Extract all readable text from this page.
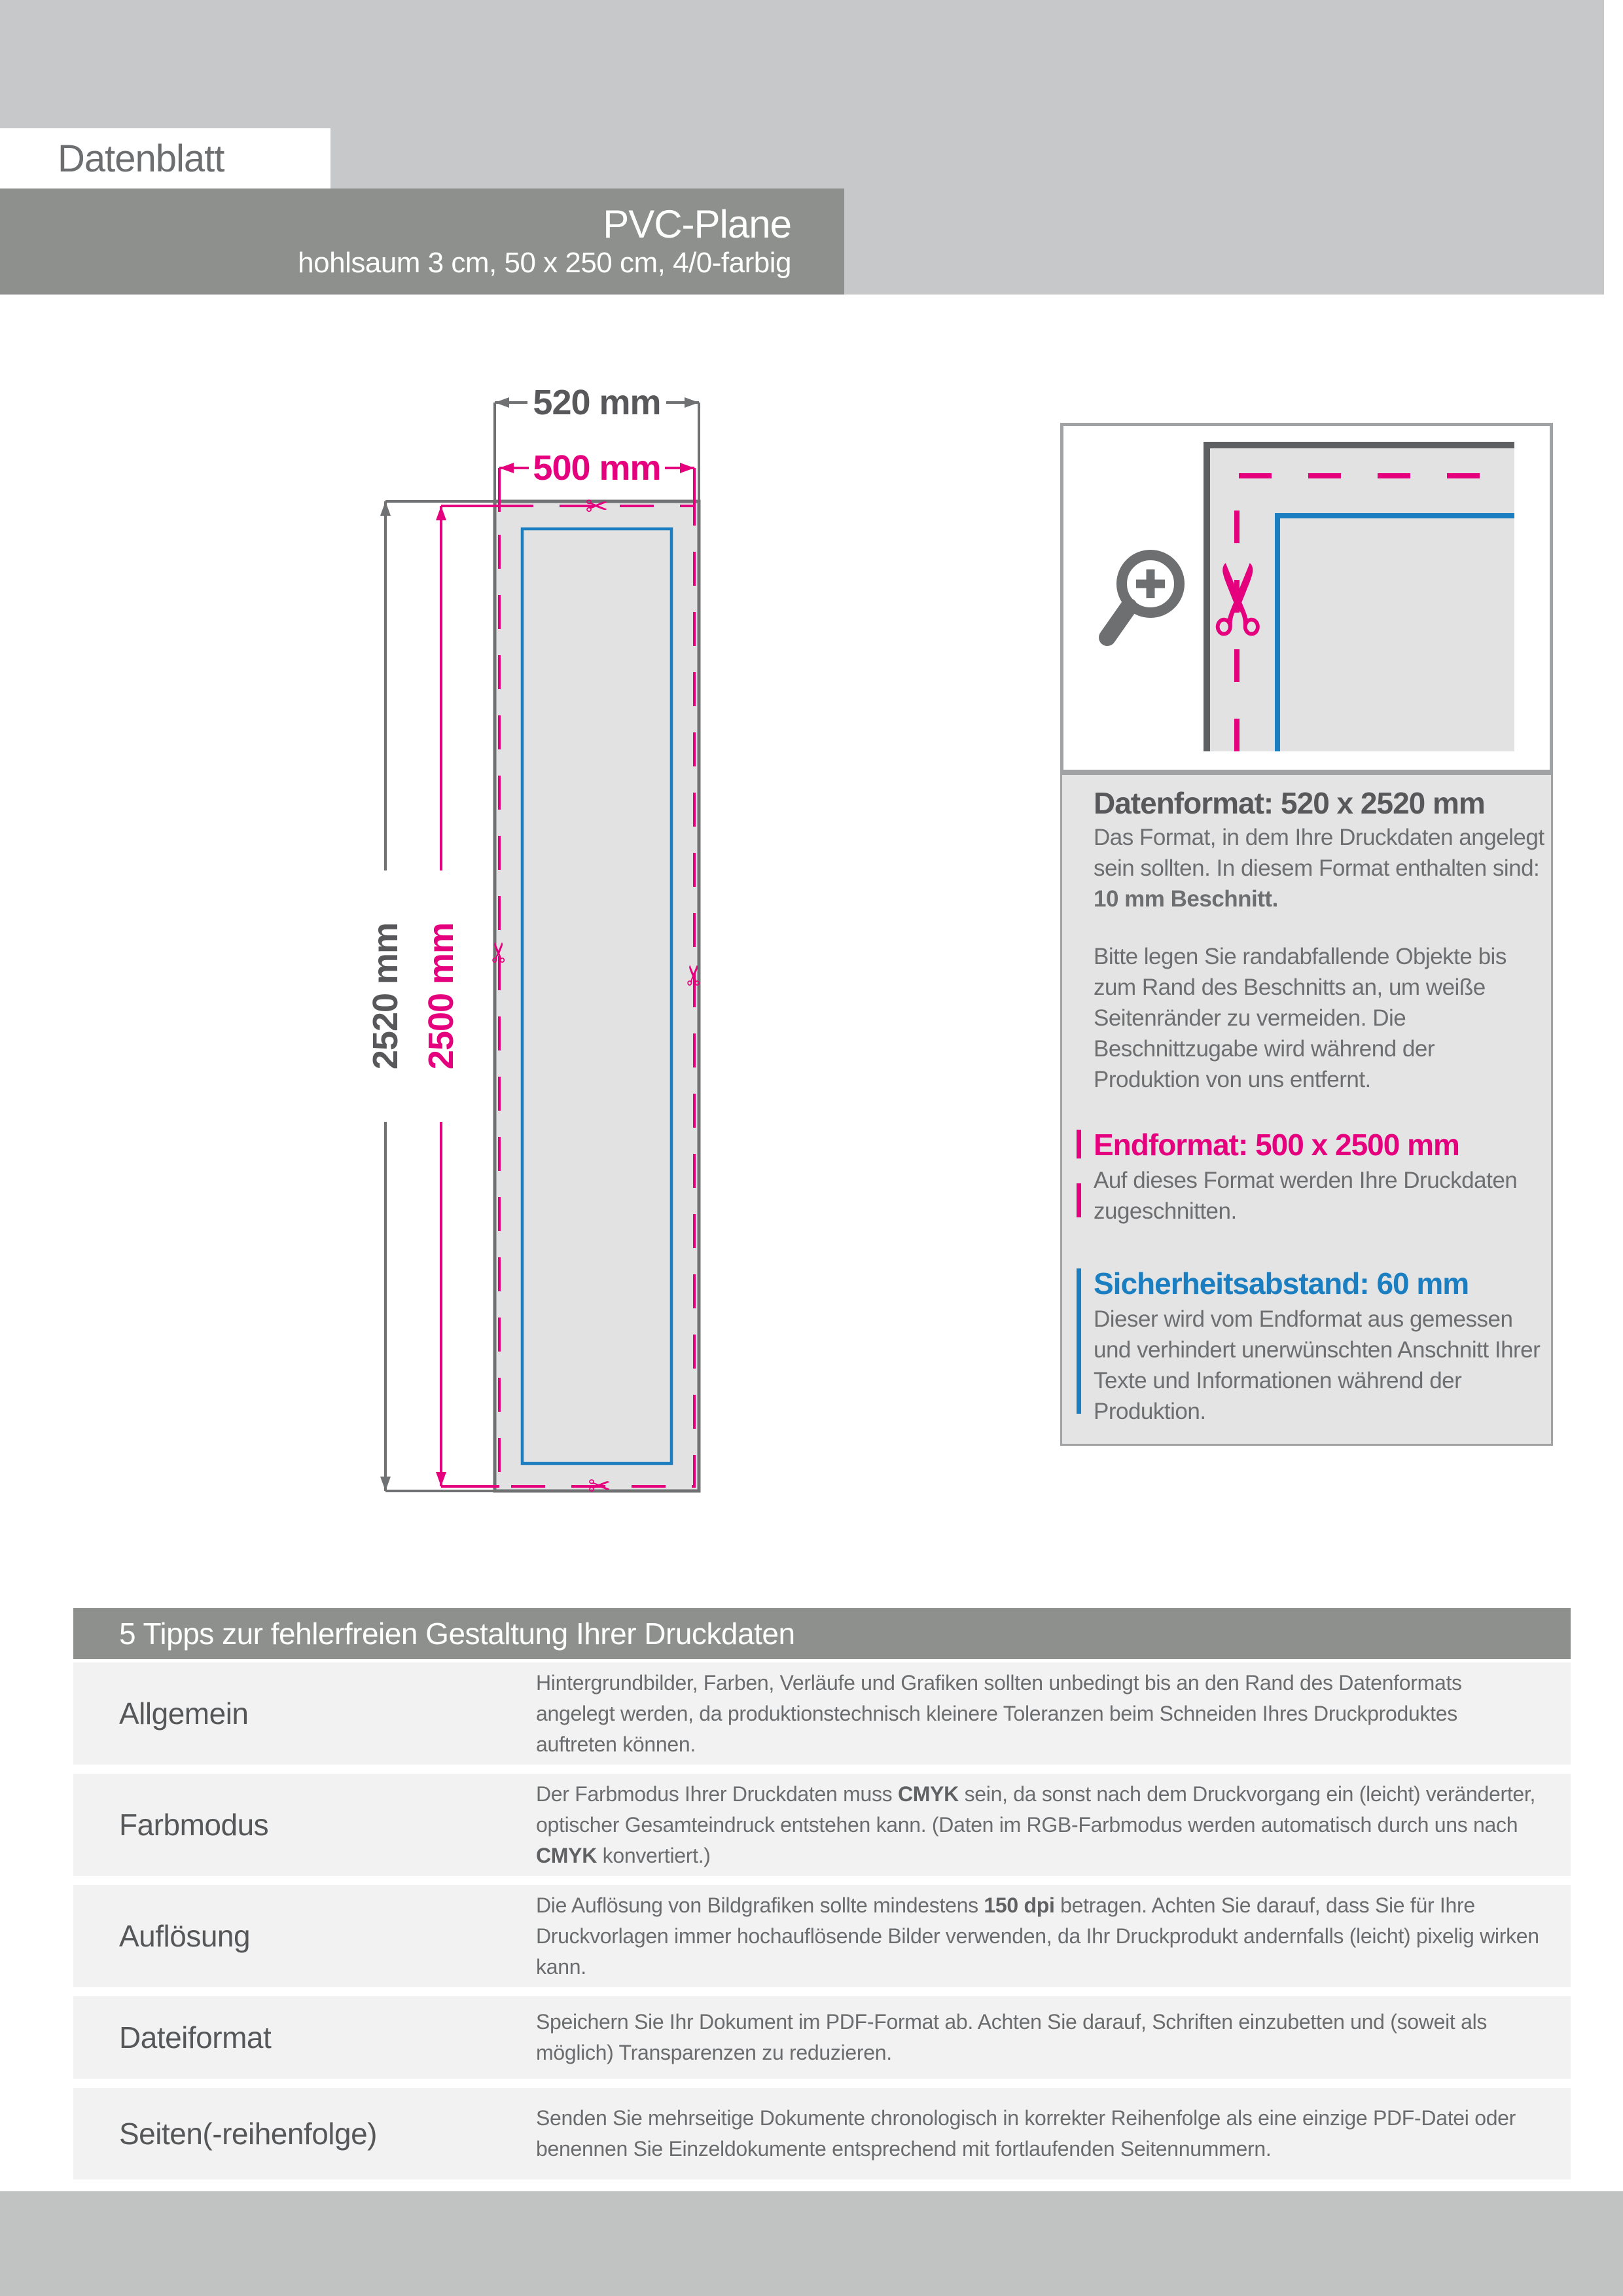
Datenblatt
PVC-Plane
hohlsaum 3 cm, 50 x 250 cm, 4/0-farbig
520 mm
500 mm
2520 mm 2500 mm
✂
✂
✂
✂
✂
Datenformat: 520 x 2520 mm

Das Format, in dem Ihre Druckdaten angelegt sein sollten. In diesem Format enthalten sind: 10 mm Beschnitt.

Bitte legen Sie randabfallende Objekte bis zum Rand des Beschnitts an, um weiße Seitenränder zu vermeiden. Die Beschnittzugabe wird während der Produktion von uns entfernt.

Endformat: 500 x 2500 mm

Auf dieses Format werden Ihre Druckdaten zugeschnitten.

Sicherheitsabstand: 60 mm

Dieser wird vom Endformat aus gemessen und verhindert unerwünschten Anschnitt Ihrer Texte und Informationen während der Produktion.

5 Tipps zur fehlerfreien Gestaltung Ihrer Druckdaten
Allgemein

Hintergrundbilder, Farben, Verläufe und Grafiken sollten unbedingt bis an den Rand des Datenformats angelegt werden, da produktionstechnisch kleinere Toleranzen beim Schneiden Ihres Druckproduktes auftreten können.

Farbmodus

Der Farbmodus Ihrer Druckdaten muss CMYK sein, da sonst nach dem Druckvorgang ein (leicht) veränderter, optischer Gesamteindruck entstehen kann. (Daten im RGB-Farbmodus werden automatisch durch uns nach CMYK konvertiert.)

Auflösung

Die Auflösung von Bildgrafiken sollte mindestens 150 dpi betragen. Achten Sie darauf, dass Sie für Ihre Druckvorlagen immer hochauflösende Bilder verwenden, da Ihr Druckprodukt andernfalls (leicht) pixelig wirken kann.

Dateiformat	Speichern Sie Ihr Dokument im PDF-Format ab. Achten Sie darauf, Schriften einzubetten und (soweit als möglich) Transparenzen zu reduzieren.

Seiten(-reihenfolge)	Senden Sie mehrseitige Dokumente chronologisch in korrekter Reihenfolge als eine einzige PDF-Datei oder benennen Sie Einzeldokumente entsprechend mit fortlaufenden Seitennummern.
